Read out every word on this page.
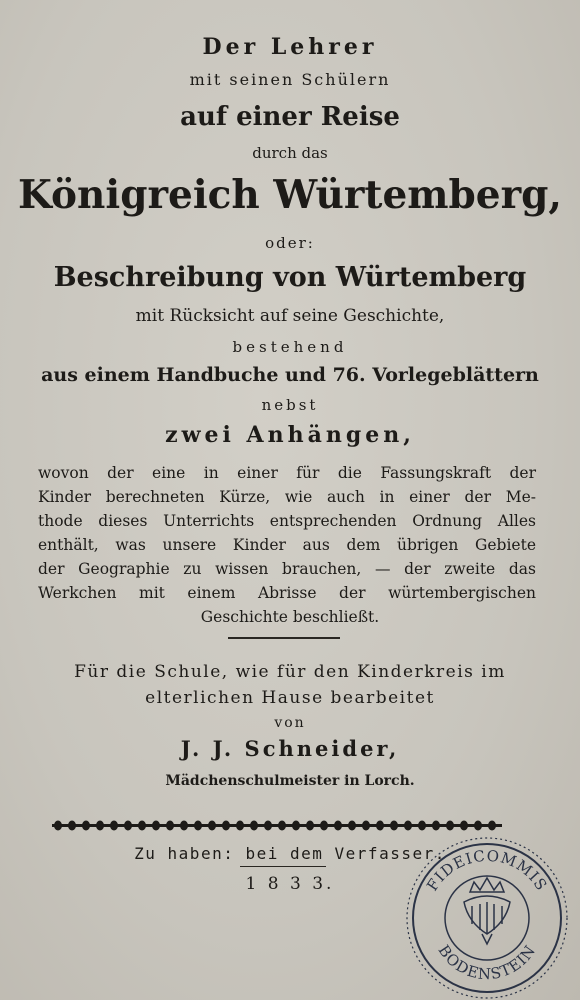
Der Lehrer
mit seinen Schülern
auf einer Reise
durch das
Königreich Würtemberg,
oder:
Beschreibung von Würtemberg
mit Rücksicht auf seine Geschichte,
bestehend
aus einem Handbuche und 76. Vorlegeblättern
nebst
zwei Anhängen,
wovon der eine in einer für die Fassungskraft der
Kinder berechneten Kürze, wie auch in einer der Me-
thode dieses Unterrichts entsprechenden Ordnung Alles
enthält, was unsere Kinder aus dem übrigen Gebiete
der Geographie zu wissen brauchen, — der zweite das
Werkchen mit einem Abrisse der würtembergischen
Geschichte beschließt.
Für die Schule, wie für den Kinderkreis im
elterlichen Hause bearbeitet
von
J. J. Schneider,
Mädchenschulmeister in Lorch.
Zu haben: bei dem Verfasser.
1 8 3 3.	FIDEICOMMIS
BODENSTEIN
